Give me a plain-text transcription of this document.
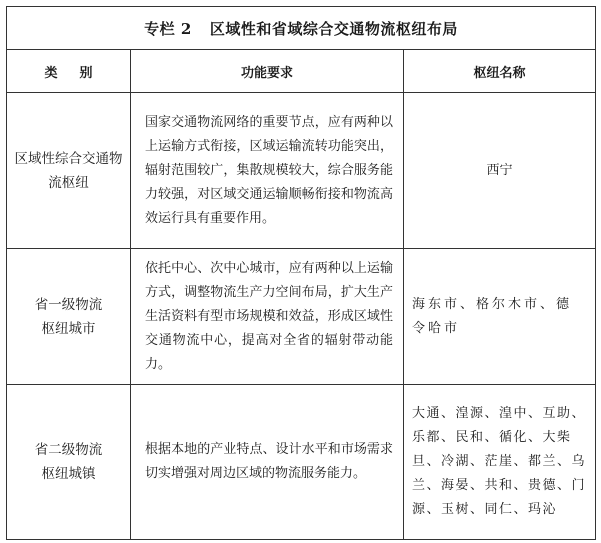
专栏 2 区域性和省域综合交通物流枢纽布局		
类别	功能要求	枢纽名称
区域性综合交通物
流枢纽	国家交通物流网络的重要节点，应有两种以上运输方式衔接，区域运输流转功能突出，辐射范围较广，集散规模较大，综合服务能力较强，对区域交通运输顺畅衔接和物流高效运行具有重要作用。	西宁
省一级物流
枢纽城市	依托中心、次中心城市，应有两种以上运输方式，调整物流生产力空间布局，扩大生产生活资料有型市场规模和效益，形成区域性交通物流中心，提高对全省的辐射带动能力。	海东市、格尔木市、德令哈市
省二级物流
枢纽城镇	根据本地的产业特点、设计水平和市场需求切实增强对周边区域的物流服务能力。	大通、湟源、湟中、互助、乐都、民和、循化、大柴旦、冷湖、茫崖、都兰、乌兰、海晏、共和、贵德、门源、玉树、同仁、玛沁
